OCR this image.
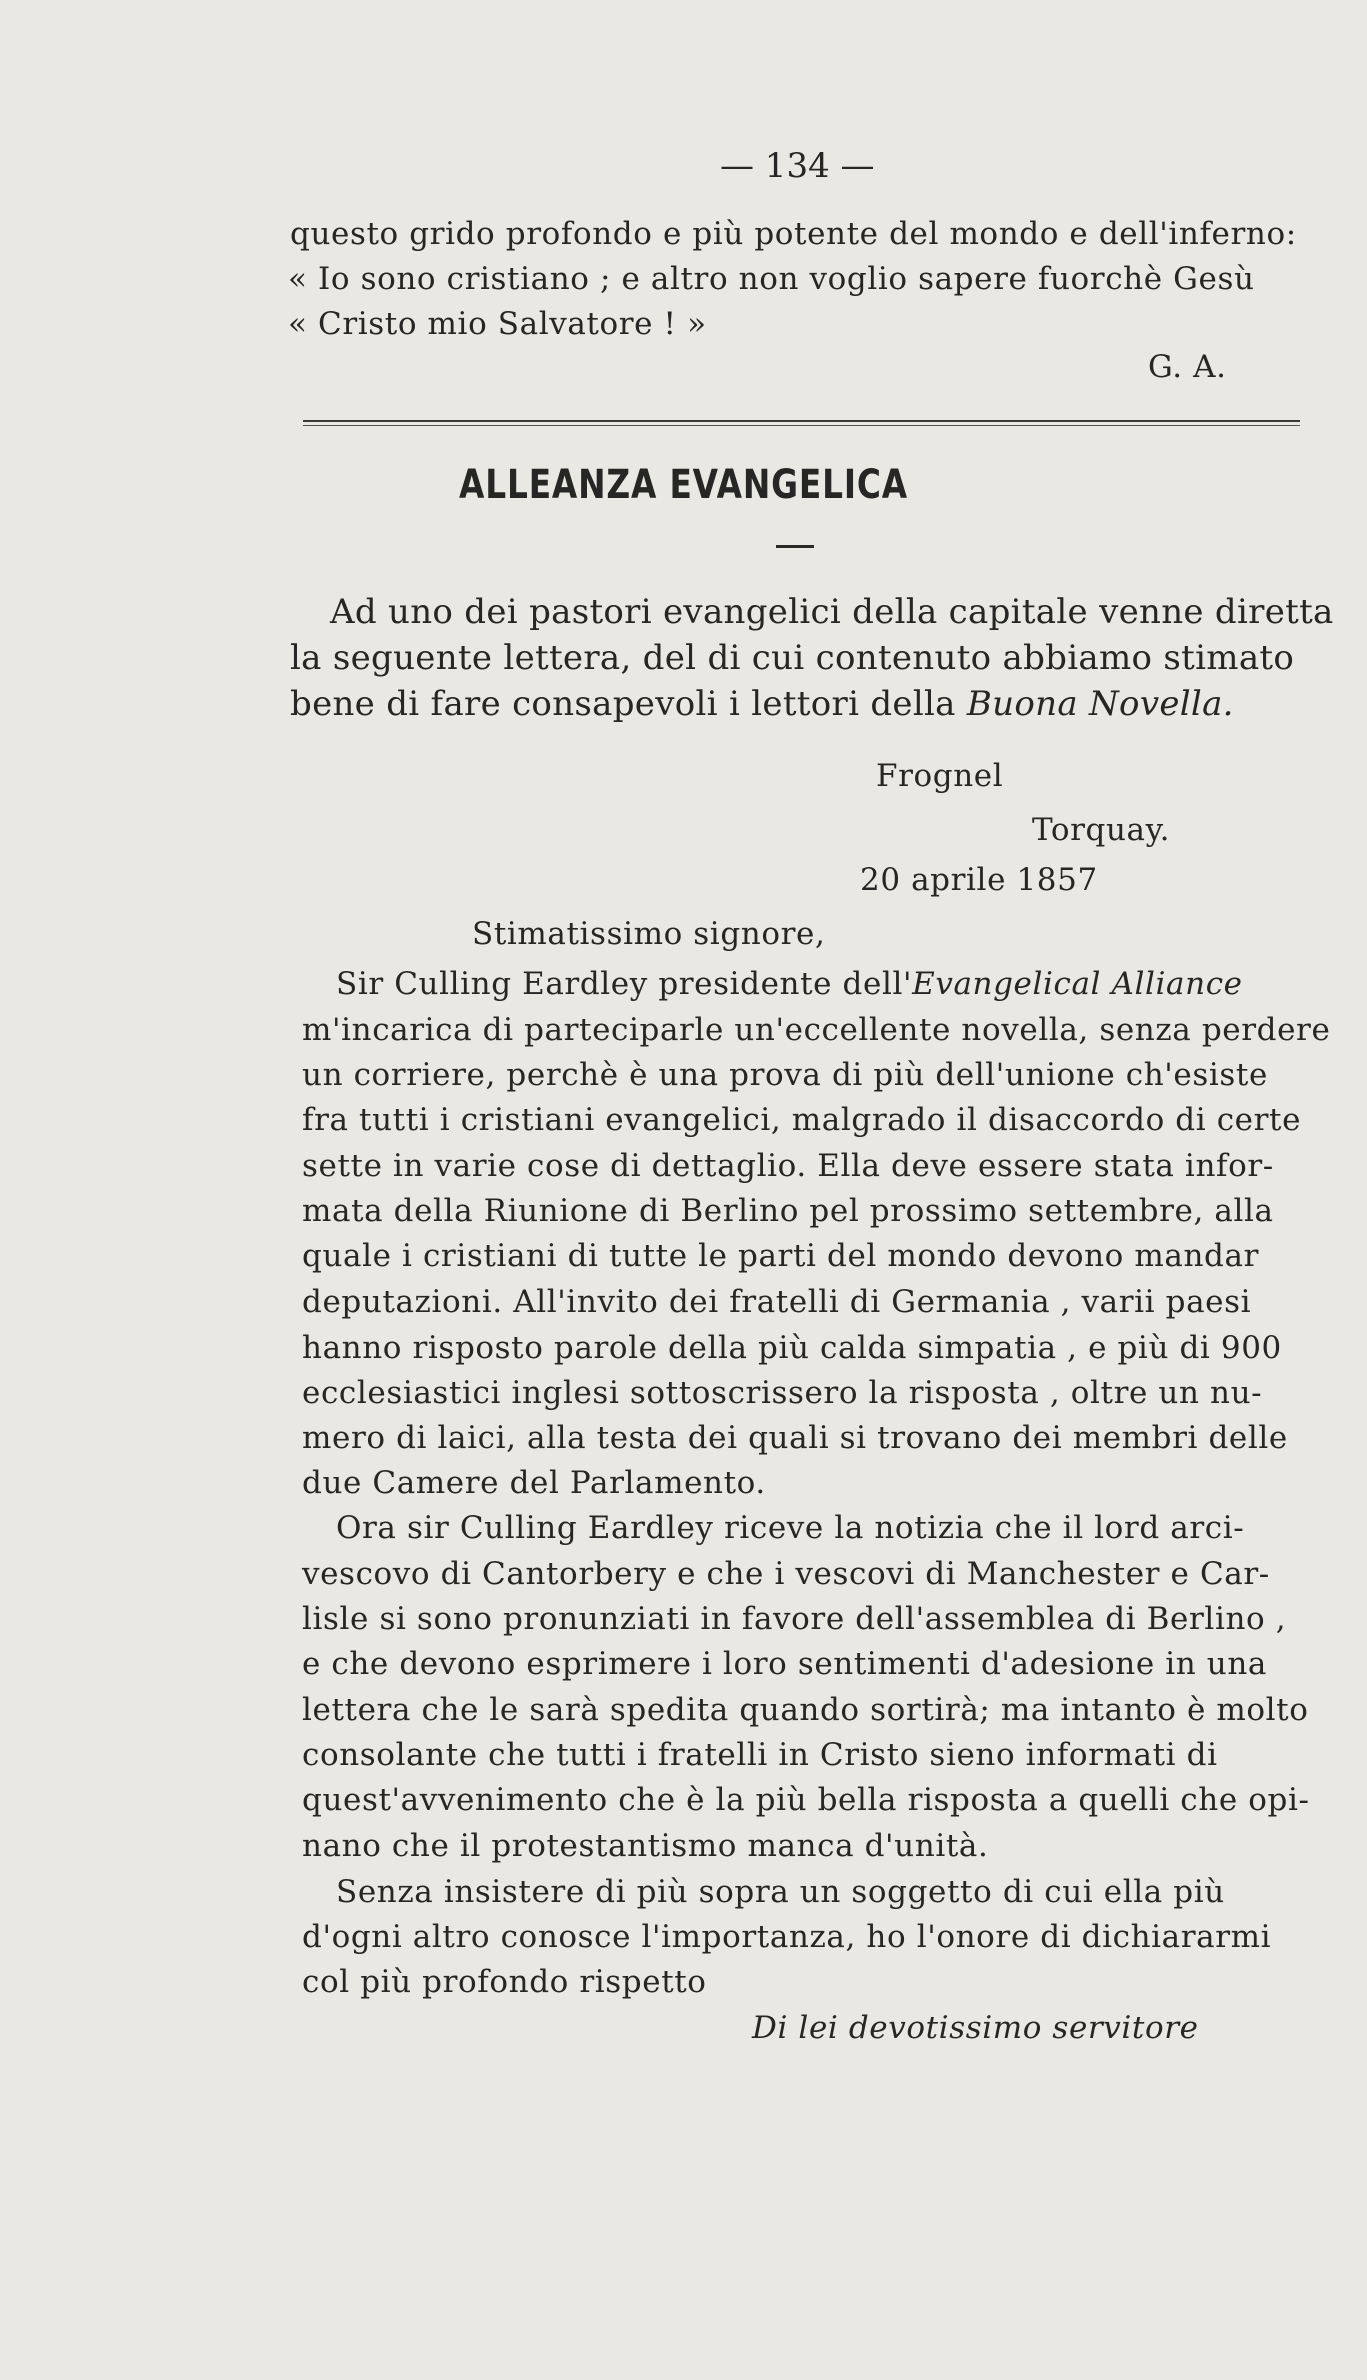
— 134 —
questo grido profondo e più potente del mondo e dell'inferno:
« Io sono cristiano ; e altro non voglio sapere fuorchè Gesù
« Cristo mio Salvatore ! »
G. A.
ALLEANZA EVANGELICA
Ad uno dei pastori evangelici della capitale venne diretta
la seguente lettera, del di cui contenuto abbiamo stimato
bene di fare consapevoli i lettori della Buona Novella.
Frognel
Torquay.
20 aprile 1857
Stimatissimo signore,
Sir Culling Eardley presidente dell'Evangelical Alliance
m'incarica di parteciparle un'eccellente novella, senza perdere
un corriere, perchè è una prova di più dell'unione ch'esiste
fra tutti i cristiani evangelici, malgrado il disaccordo di certe
sette in varie cose di dettaglio. Ella deve essere stata infor-
mata della Riunione di Berlino pel prossimo settembre, alla
quale i cristiani di tutte le parti del mondo devono mandar
deputazioni. All'invito dei fratelli di Germania , varii paesi
hanno risposto parole della più calda simpatia , e più di 900
ecclesiastici inglesi sottoscrissero la risposta , oltre un nu-
mero di laici, alla testa dei quali si trovano dei membri delle
due Camere del Parlamento.
Ora sir Culling Eardley riceve la notizia che il lord arci-
vescovo di Cantorbery e che i vescovi di Manchester e Car-
lisle si sono pronunziati in favore dell'assemblea di Berlino ,
e che devono esprimere i loro sentimenti d'adesione in una
lettera che le sarà spedita quando sortirà; ma intanto è molto
consolante che tutti i fratelli in Cristo sieno informati di
quest'avvenimento che è la più bella risposta a quelli che opi-
nano che il protestantismo manca d'unità.
Senza insistere di più sopra un soggetto di cui ella più
d'ogni altro conosce l'importanza, ho l'onore di dichiararmi
col più profondo rispetto
Di lei devotissimo servitore
